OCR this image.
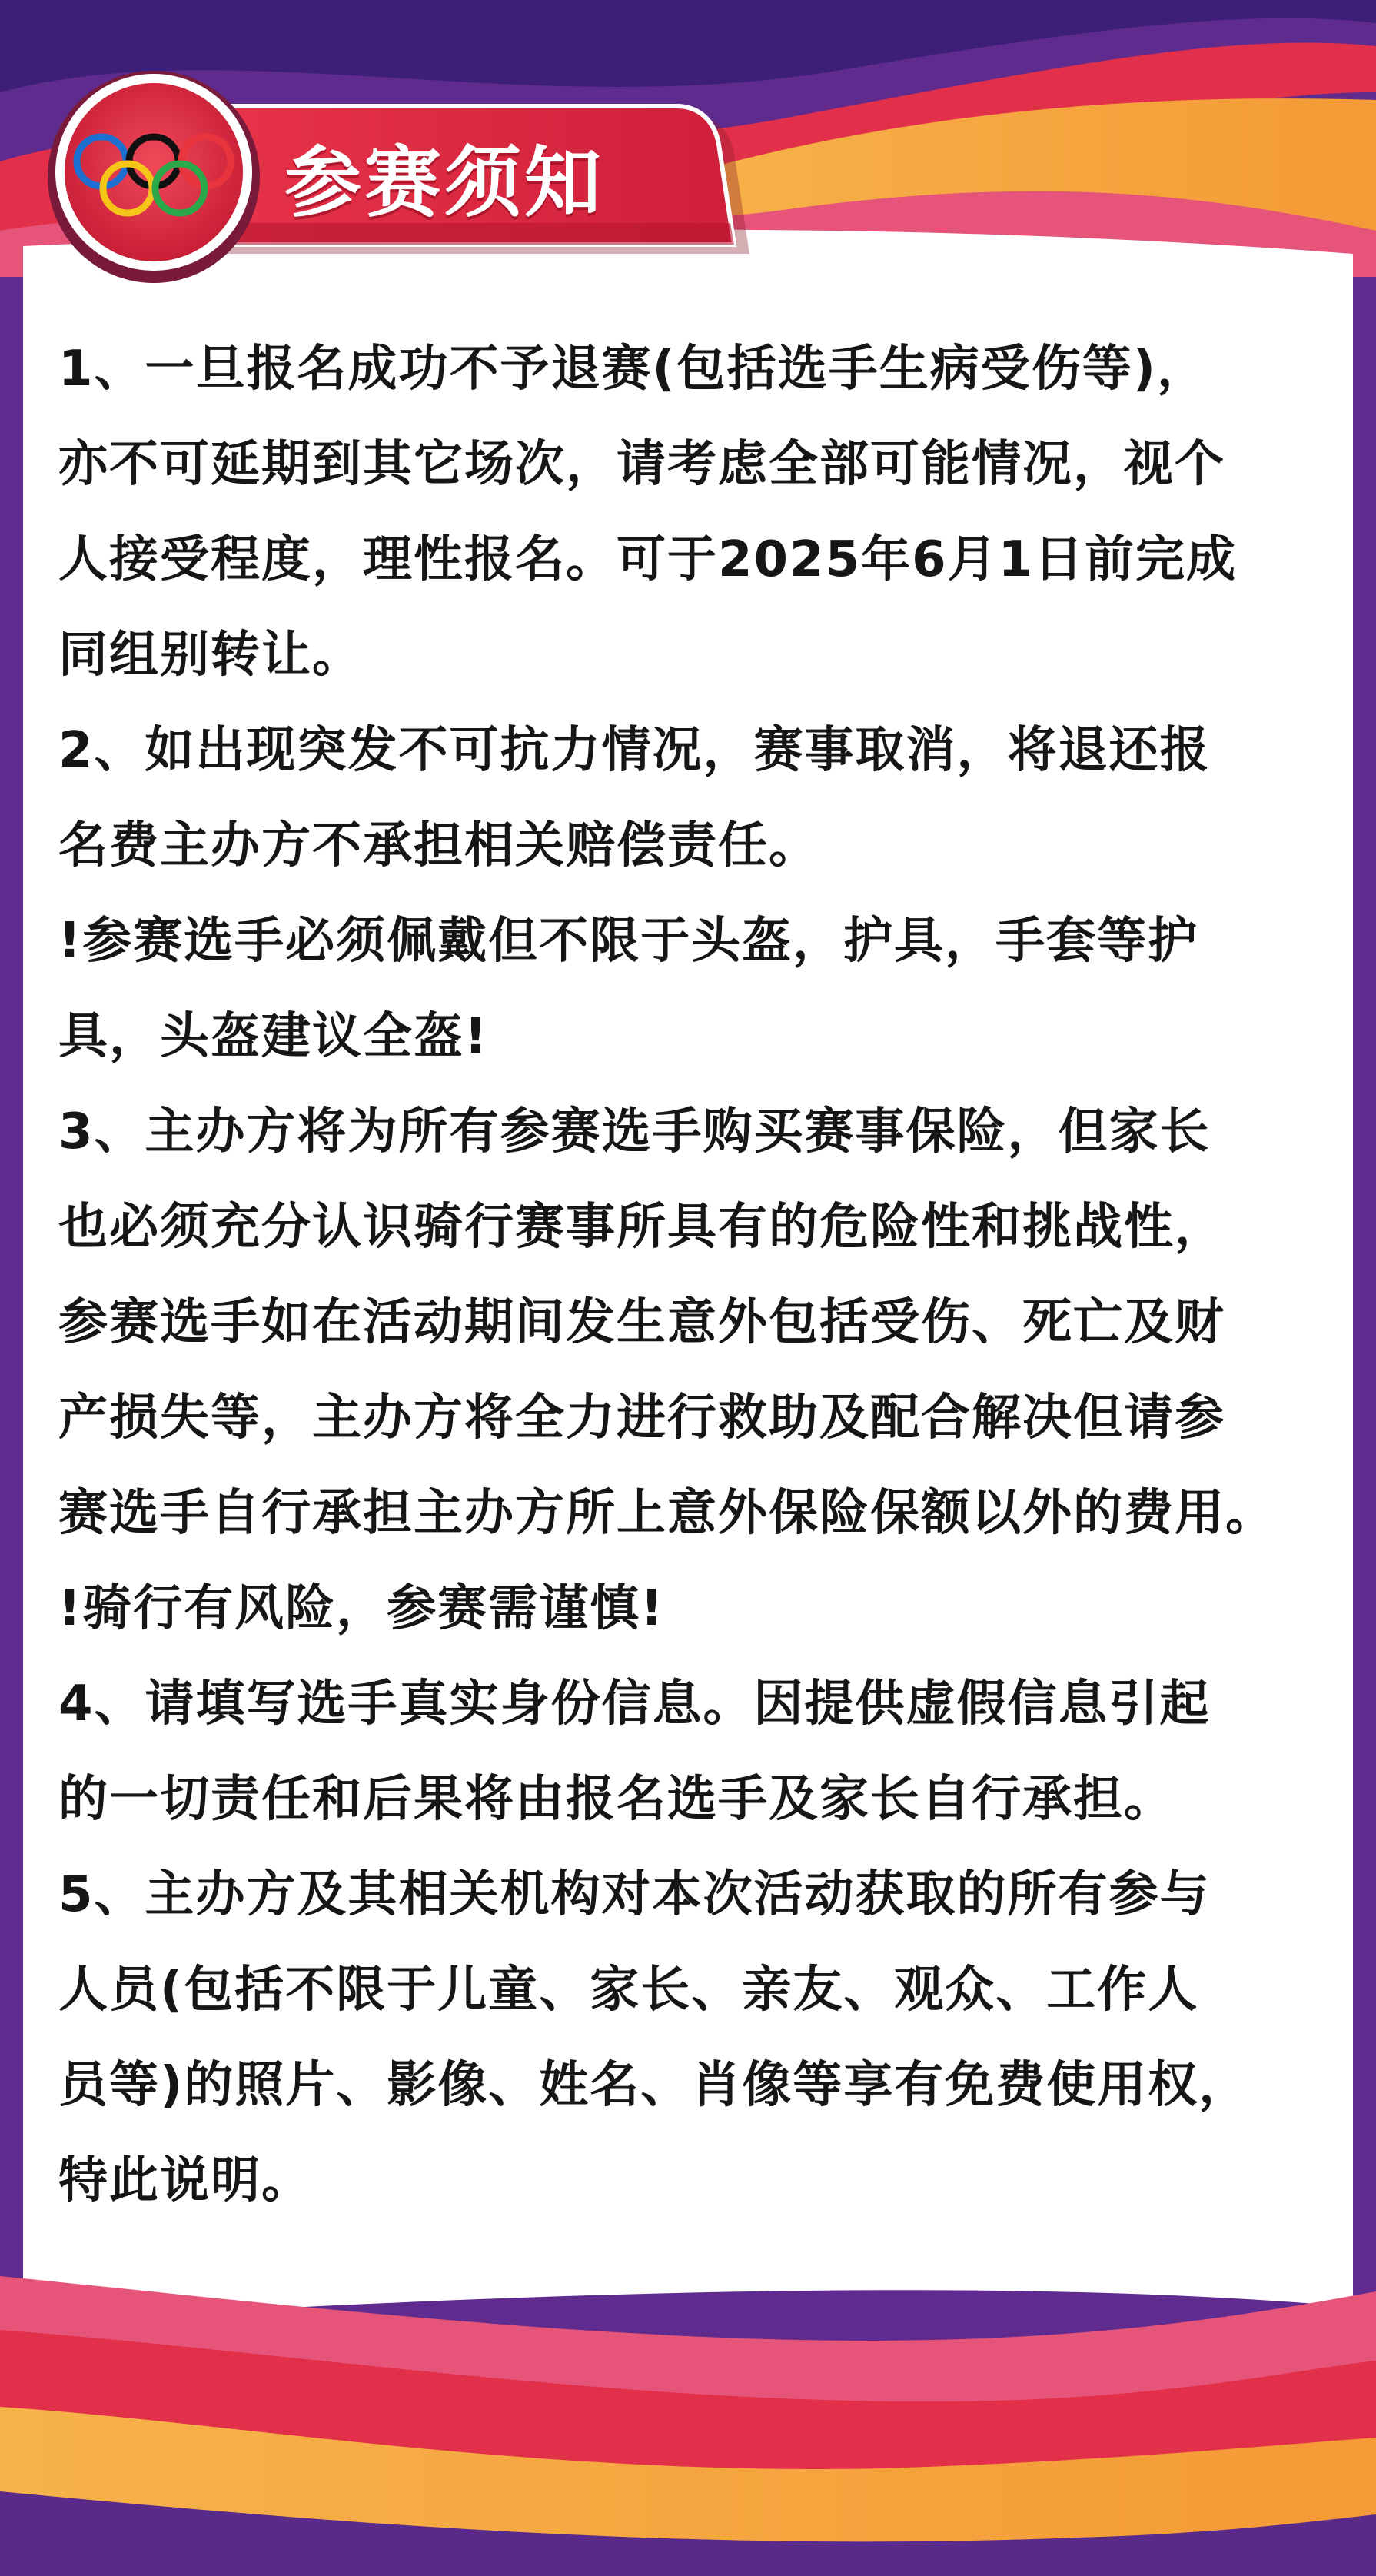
参赛须知

1、一旦报名成功不予退赛(包括选手生病受伤等)，
亦不可延期到其它场次，请考虑全部可能情况，视个
人接受程度，理性报名。可于2025年6月1日前完成
同组别转让。

2、如出现突发不可抗力情况，赛事取消，将退还报
名费主办方不承担相关赔偿责任。

!参赛选手必须佩戴但不限于头盔，护具，手套等护
具，头盔建议全盔!

3、主办方将为所有参赛选手购买赛事保险，但家长
也必须充分认识骑行赛事所具有的危险性和挑战性，
参赛选手如在活动期间发生意外包括受伤、死亡及财
产损失等，主办方将全力进行救助及配合解决但请参
赛选手自行承担主办方所上意外保险保额以外的费用。

!骑行有风险，参赛需谨慎!

4、请填写选手真实身份信息。因提供虚假信息引起
的一切责任和后果将由报名选手及家长自行承担。

5、主办方及其相关机构对本次活动获取的所有参与
人员(包括不限于儿童、家长、亲友、观众、工作人
员等)的照片、影像、姓名、肖像等享有免费使用权，
特此说明。
